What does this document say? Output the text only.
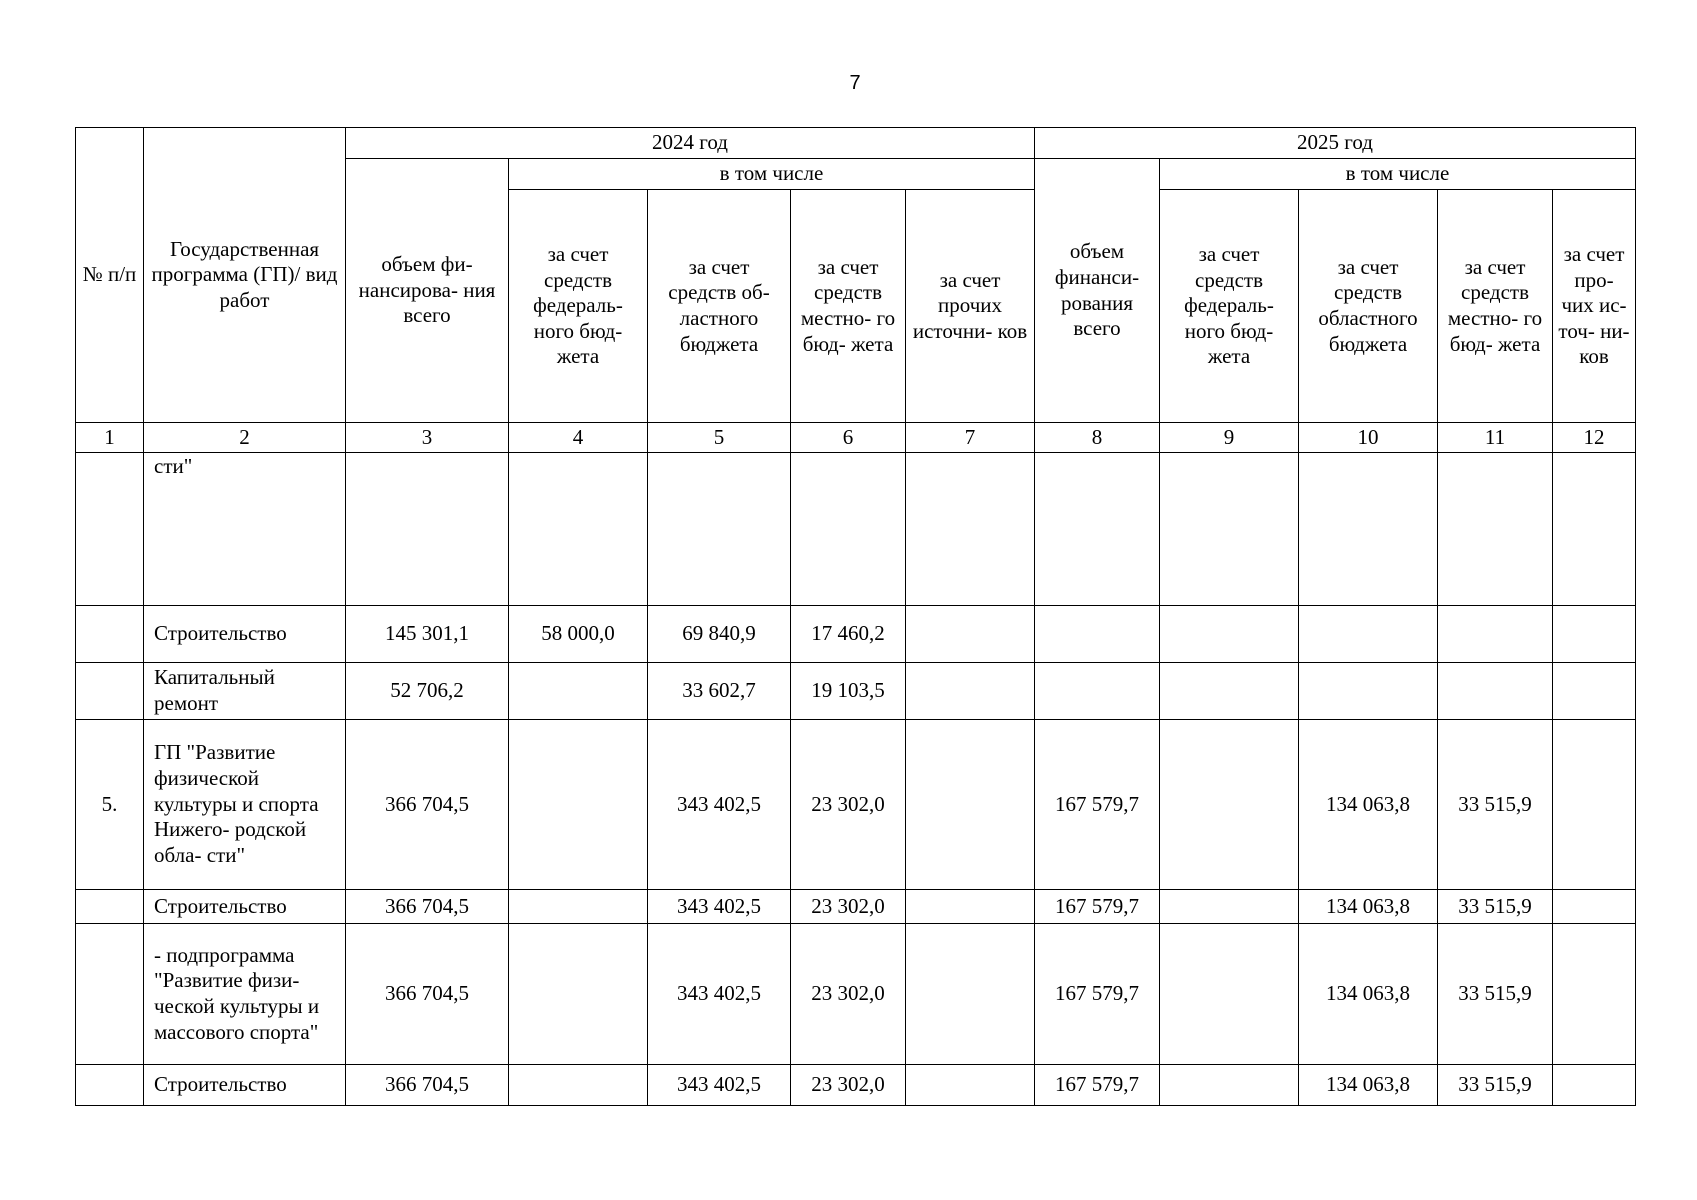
7
№ п/п	Государственная программа (ГП)/ вид работ	2024 год					2025 год				
		объем фи- нансирова- ния всего	в том числе				объем финанси- рования всего	в том числе			
			за счет средств федераль- ного бюд- жета	за счет средств об- ластного бюджета	за счет средств местно- го бюд- жета	за счет прочих источни- ков		за счет средств федераль- ного бюд- жета	за счет средств областного бюджета	за счет средств местно- го бюд- жета	за счет про- чих ис- точ- ни- ков
1	2	3	4	5	6	7	8	9	10	11	12
	сти"										
	Строительство	145 301,1	58 000,0	69 840,9	17 460,2						
	Капитальный ремонт	52 706,2		33 602,7	19 103,5						
5.	ГП "Развитие физической культуры и спорта Нижего- родской обла- сти"	366 704,5		343 402,5	23 302,0		167 579,7		134 063,8	33 515,9	
	Строительство	366 704,5		343 402,5	23 302,0		167 579,7		134 063,8	33 515,9	
	- подпрограмма "Развитие физи- ческой культуры и массового спорта"	366 704,5		343 402,5	23 302,0		167 579,7		134 063,8	33 515,9	
	Строительство	366 704,5		343 402,5	23 302,0		167 579,7		134 063,8	33 515,9	
